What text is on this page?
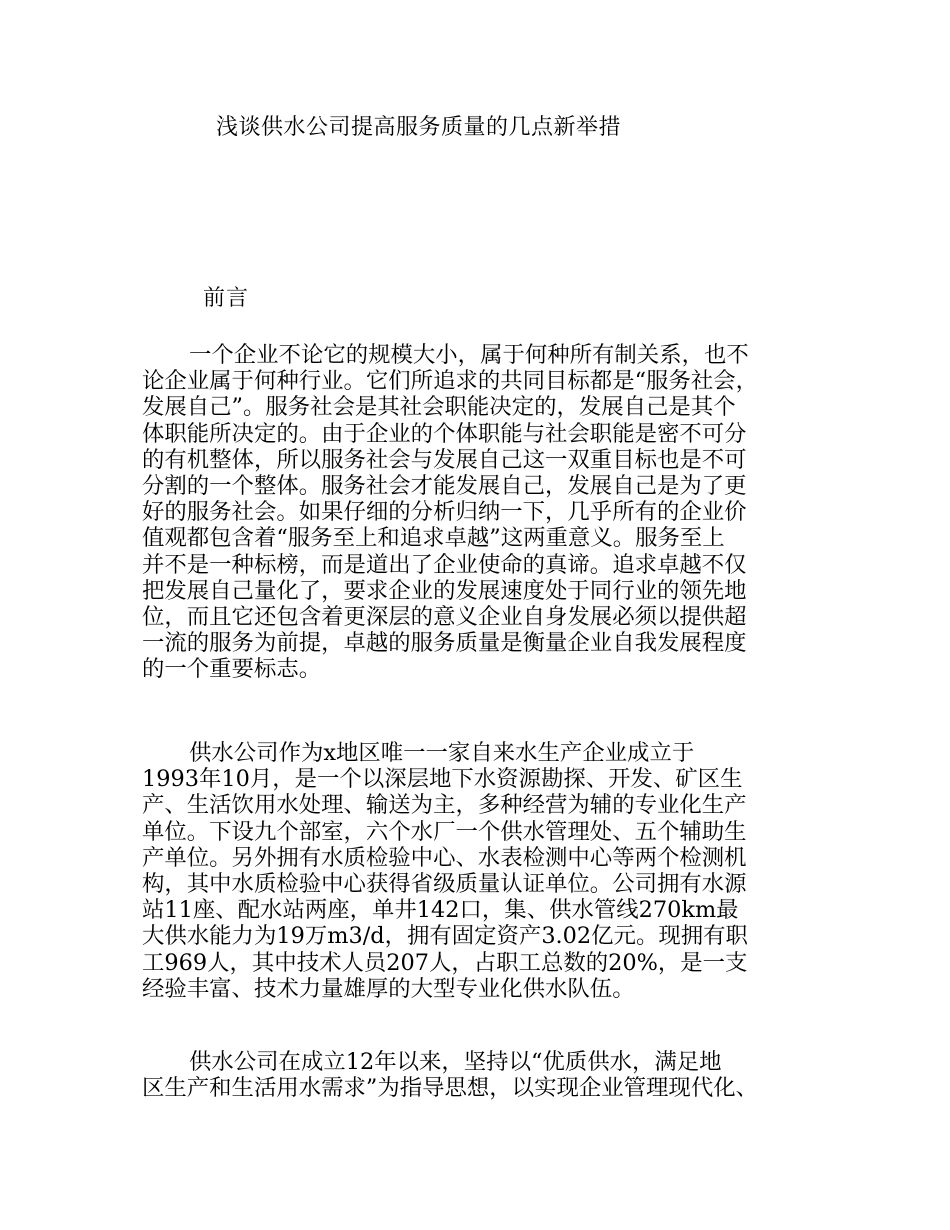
浅谈供水公司提高服务质量的几点新举措
前言
一个企业不论它的规模大小，属于何种所有制关系，也不
论企业属于何种行业。它们所追求的共同目标都是“服务社会，
发展自己”。服务社会是其社会职能决定的，发展自己是其个
体职能所决定的。由于企业的个体职能与社会职能是密不可分
的有机整体，所以服务社会与发展自己这一双重目标也是不可
分割的一个整体。服务社会才能发展自己，发展自己是为了更
好的服务社会。如果仔细的分析归纳一下，几乎所有的企业价
值观都包含着“服务至上和追求卓越”这两重意义。服务至上
并不是一种标榜，而是道出了企业使命的真谛。追求卓越不仅
把发展自己量化了，要求企业的发展速度处于同行业的领先地
位，而且它还包含着更深层的意义企业自身发展必须以提供超
一流的服务为前提，卓越的服务质量是衡量企业自我发展程度
的一个重要标志。
供水公司作为x地区唯一一家自来水生产企业成立于
1993年10月，是一个以深层地下水资源勘探、开发、矿区生
产、生活饮用水处理、输送为主，多种经营为辅的专业化生产
单位。下设九个部室，六个水厂一个供水管理处、五个辅助生
产单位。另外拥有水质检验中心、水表检测中心等两个检测机
构，其中水质检验中心获得省级质量认证单位。公司拥有水源
站11座、配水站两座，单井142口，集、供水管线270km最
大供水能力为19万m3/d，拥有固定资产3.02亿元。现拥有职
工969人，其中技术人员207人，占职工总数的20%，是一支
经验丰富、技术力量雄厚的大型专业化供水队伍。
供水公司在成立12年以来，坚持以“优质供水，满足地
区生产和生活用水需求”为指导思想，以实现企业管理现代化、
